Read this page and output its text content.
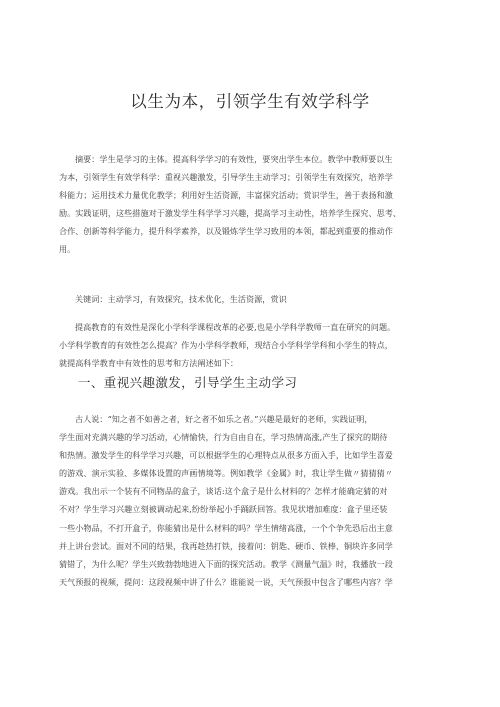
以生为本，引领学生有效学科学
摘要：学生是学习的主体。提高科学学习的有效性，要突出学生本位。教学中教师要以生
为本，引领学生有效学科学：重视兴趣激发，引导学生主动学习；引领学生有效探究，培养学
科能力；运用技术力量优化教学；利用好生活资源，丰富探究活动；赏识学生，善于表扬和激
励。实践证明，这些措施对于激发学生科学学习兴趣，提高学习主动性，培养学生探究、思考、
合作、创新等科学能力，提升科学素养，以及锻炼学生学习致用的本领，都起到重要的推动作
用。
关键词：主动学习，有效探究，技术优化，生活资源，赏识
提高教育的有效性是深化小学科学课程改革的必要,也是小学科学教师一直在研究的问题。
小学科学教育的有效性怎么提高？作为小学科学教师，现结合小学科学学科和小学生的特点，
就提高科学教育中有效性的思考和方法阐述如下：
一、重视兴趣激发，引导学生主动学习
古人说：“知之者不如善之者，好之者不如乐之者。”兴趣是最好的老师，实践证明，
学生面对充满兴趣的学习活动，心情愉快，行为自由自在，学习热情高涨,产生了探究的期待
和热情。激发学生的科学学习兴趣，可以根据学生的心理特点从很多方面入手，比如学生喜爱
的游戏、演示实验、多媒体设置的声画情境等。例如教学《金属》时，我让学生做〃猜猜猜〃
游戏。我出示一个装有不同物品的盒子，谈话:这个盒子是什么材料的？怎样才能确定猜的对
不对？学生学习兴趣立刻被调动起来,纷纷举起小手踊跃回答。我见状增加难度：盒子里还装
一些小物品，不打开盒子，你能猜出是什么材料的吗？学生情绪高涨，一个个争先恐后出主意
并上讲台尝试。面对不同的结果，我再趁热打铁，接着问：钥匙、硬币、铁棒、铜块许多同学
猜错了，为什么呢？学生兴致勃勃地进入下面的探究活动。教学《测量气温》时，我播放一段
天气预报的视频，提问：这段视频中讲了什么？谁能说一说，天气预报中包含了哪些内容？学
